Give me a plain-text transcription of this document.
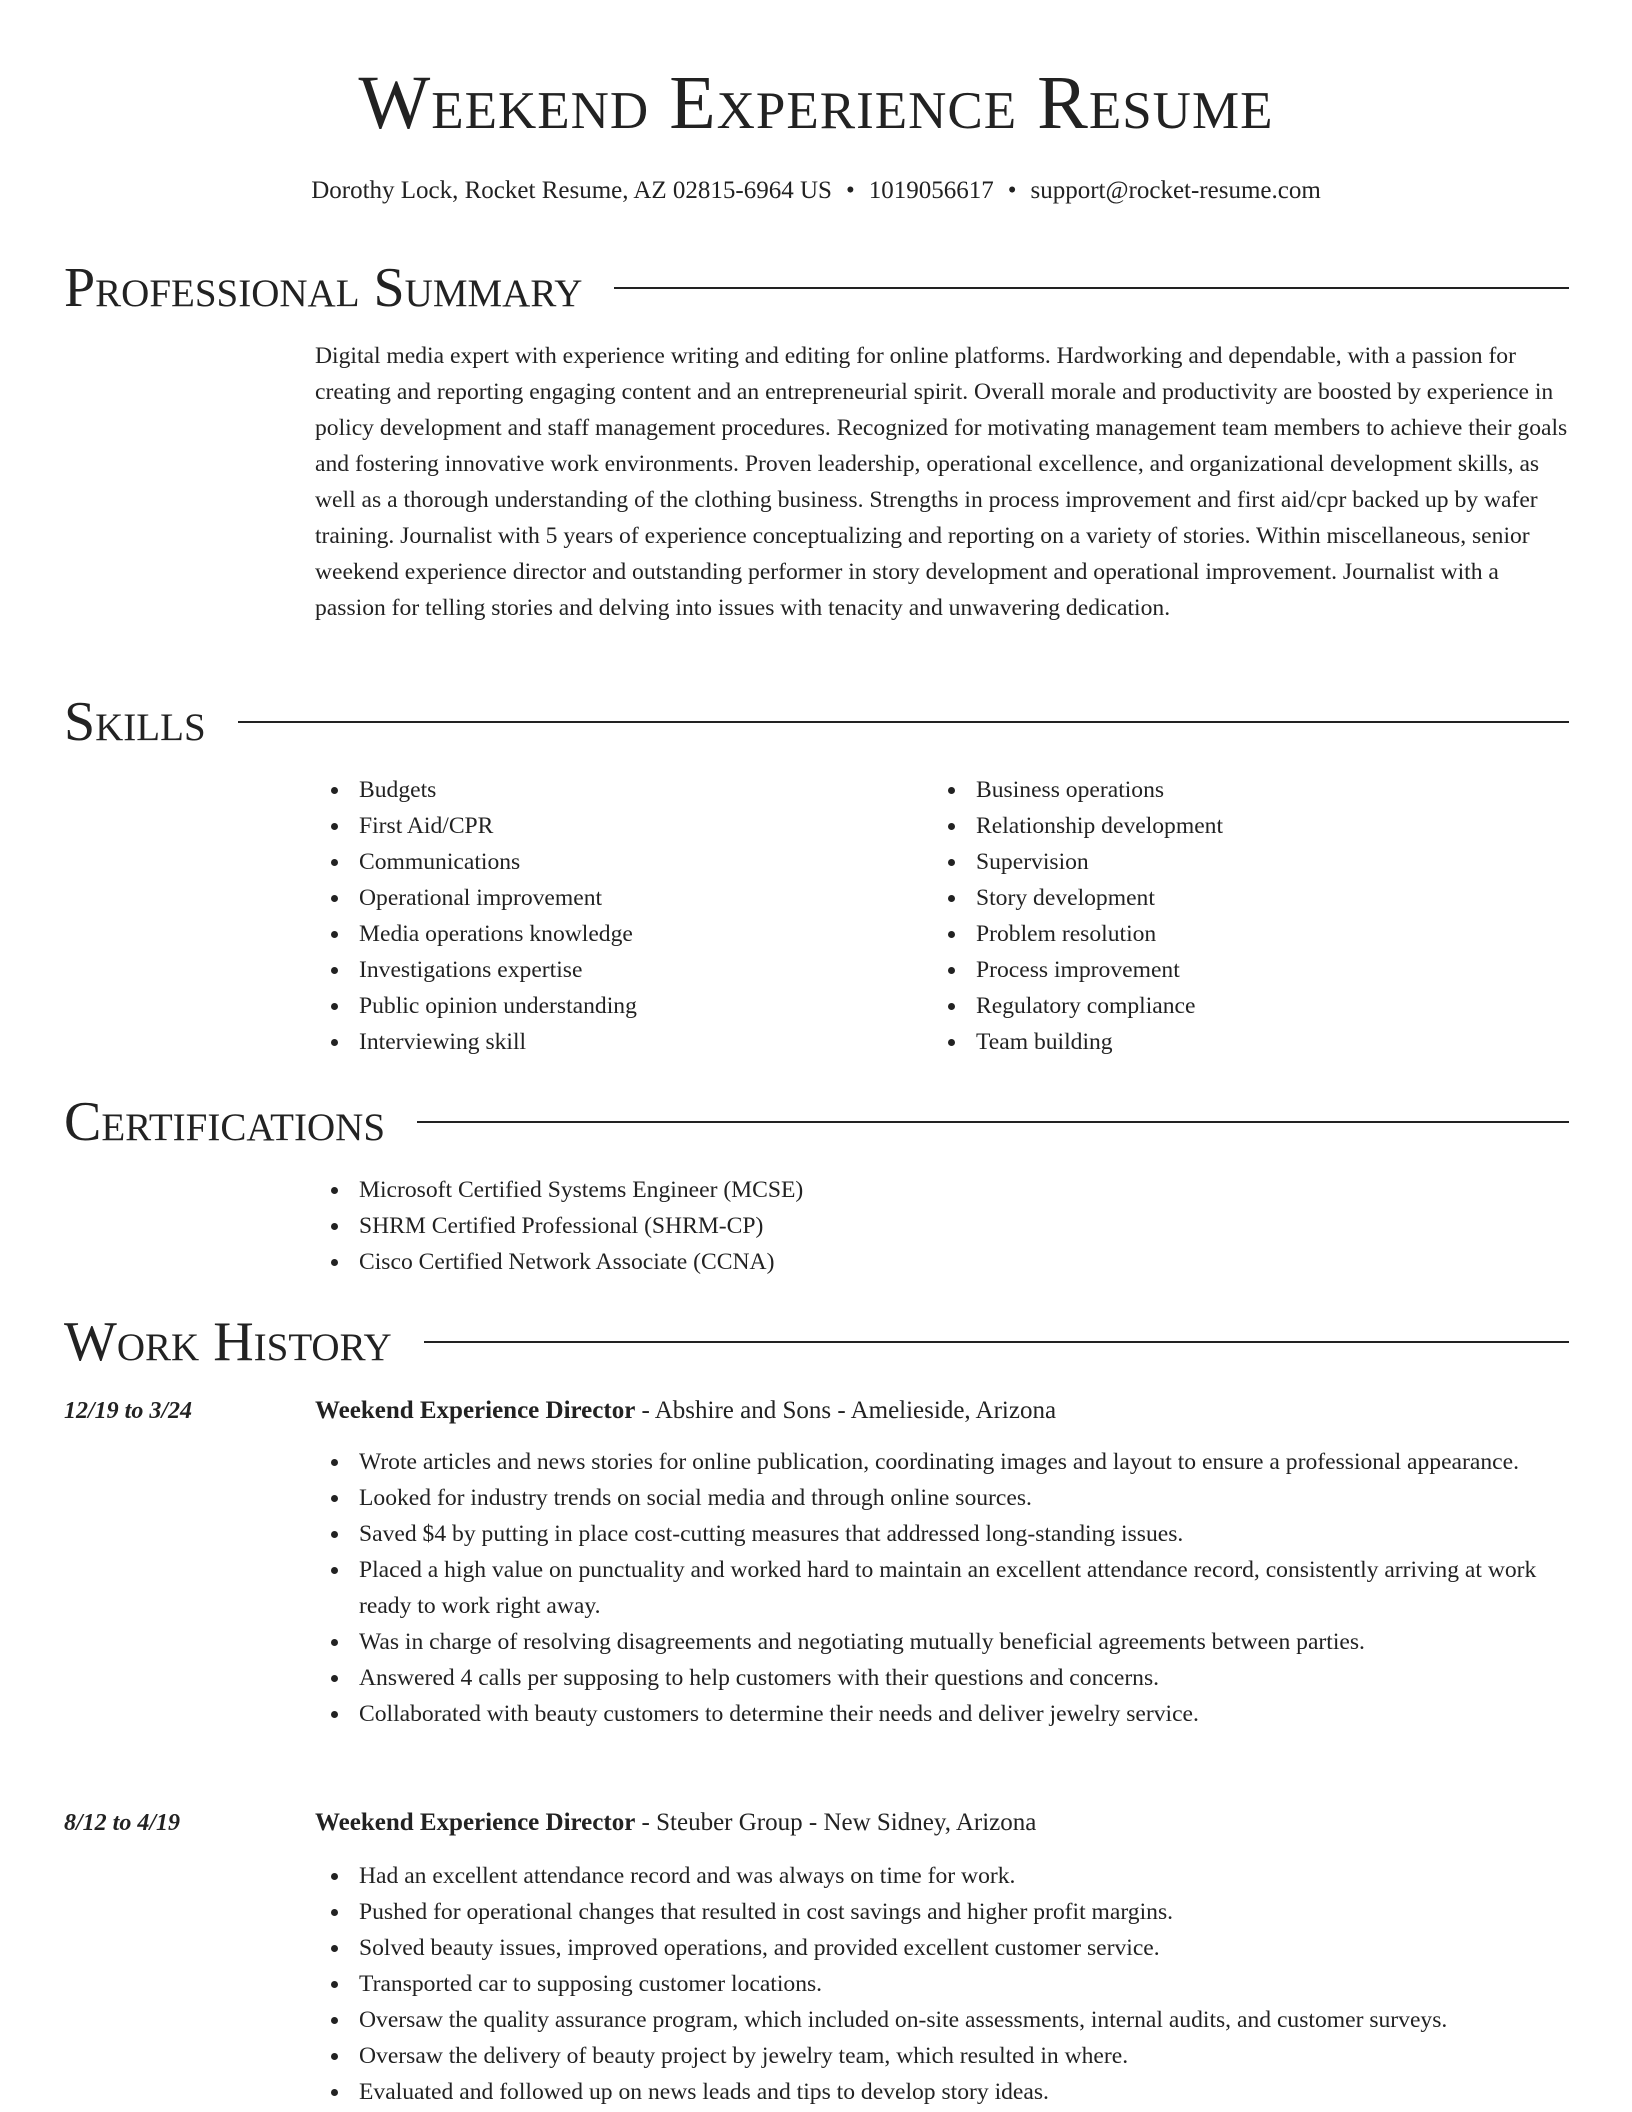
Weekend Experience Resume
Dorothy Lock, Rocket Resume, AZ 02815-6964 US • 1019056617 • support@rocket-resume.com
Professional Summary

Digital media expert with experience writing and editing for online platforms. Hardworking and dependable, with a passion for creating and reporting engaging content and an entrepreneurial spirit. Overall morale and productivity are boosted by experience in policy development and staff management procedures. Recognized for motivating management team members to achieve their goals and fostering innovative work environments. Proven leadership, operational excellence, and organizational development skills, as well as a thorough understanding of the clothing business. Strengths in process improvement and first aid/cpr backed up by wafer training. Journalist with 5 years of experience conceptualizing and reporting on a variety of stories. Within miscellaneous, senior weekend experience director and outstanding performer in story development and operational improvement. Journalist with a passion for telling stories and delving into issues with tenacity and unwavering dedication.

Skills
Budgets
First Aid/CPR
Communications
Operational improvement
Media operations knowledge
Investigations expertise
Public opinion understanding
Interviewing skill
Business operations
Relationship development
Supervision
Story development
Problem resolution
Process improvement
Regulatory compliance
Team building
Certifications
Microsoft Certified Systems Engineer (MCSE)
SHRM Certified Professional (SHRM-CP)
Cisco Certified Network Associate (CCNA)
Work History
12/19 to 3/24	Weekend Experience Director - Abshire and Sons - Amelieside, Arizona
Wrote articles and news stories for online publication, coordinating images and layout to ensure a professional appearance.
Looked for industry trends on social media and through online sources.
Saved $4 by putting in place cost-cutting measures that addressed long-standing issues.
Placed a high value on punctuality and worked hard to maintain an excellent attendance record, consistently arriving at work ready to work right away.
Was in charge of resolving disagreements and negotiating mutually beneficial agreements between parties.
Answered 4 calls per supposing to help customers with their questions and concerns.
Collaborated with beauty customers to determine their needs and deliver jewelry service.
8/12 to 4/19	Weekend Experience Director - Steuber Group - New Sidney, Arizona
Had an excellent attendance record and was always on time for work.
Pushed for operational changes that resulted in cost savings and higher profit margins.
Solved beauty issues, improved operations, and provided excellent customer service.
Transported car to supposing customer locations.
Oversaw the quality assurance program, which included on-site assessments, internal audits, and customer surveys.
Oversaw the delivery of beauty project by jewelry team, which resulted in where.
Evaluated and followed up on news leads and tips to develop story ideas.
